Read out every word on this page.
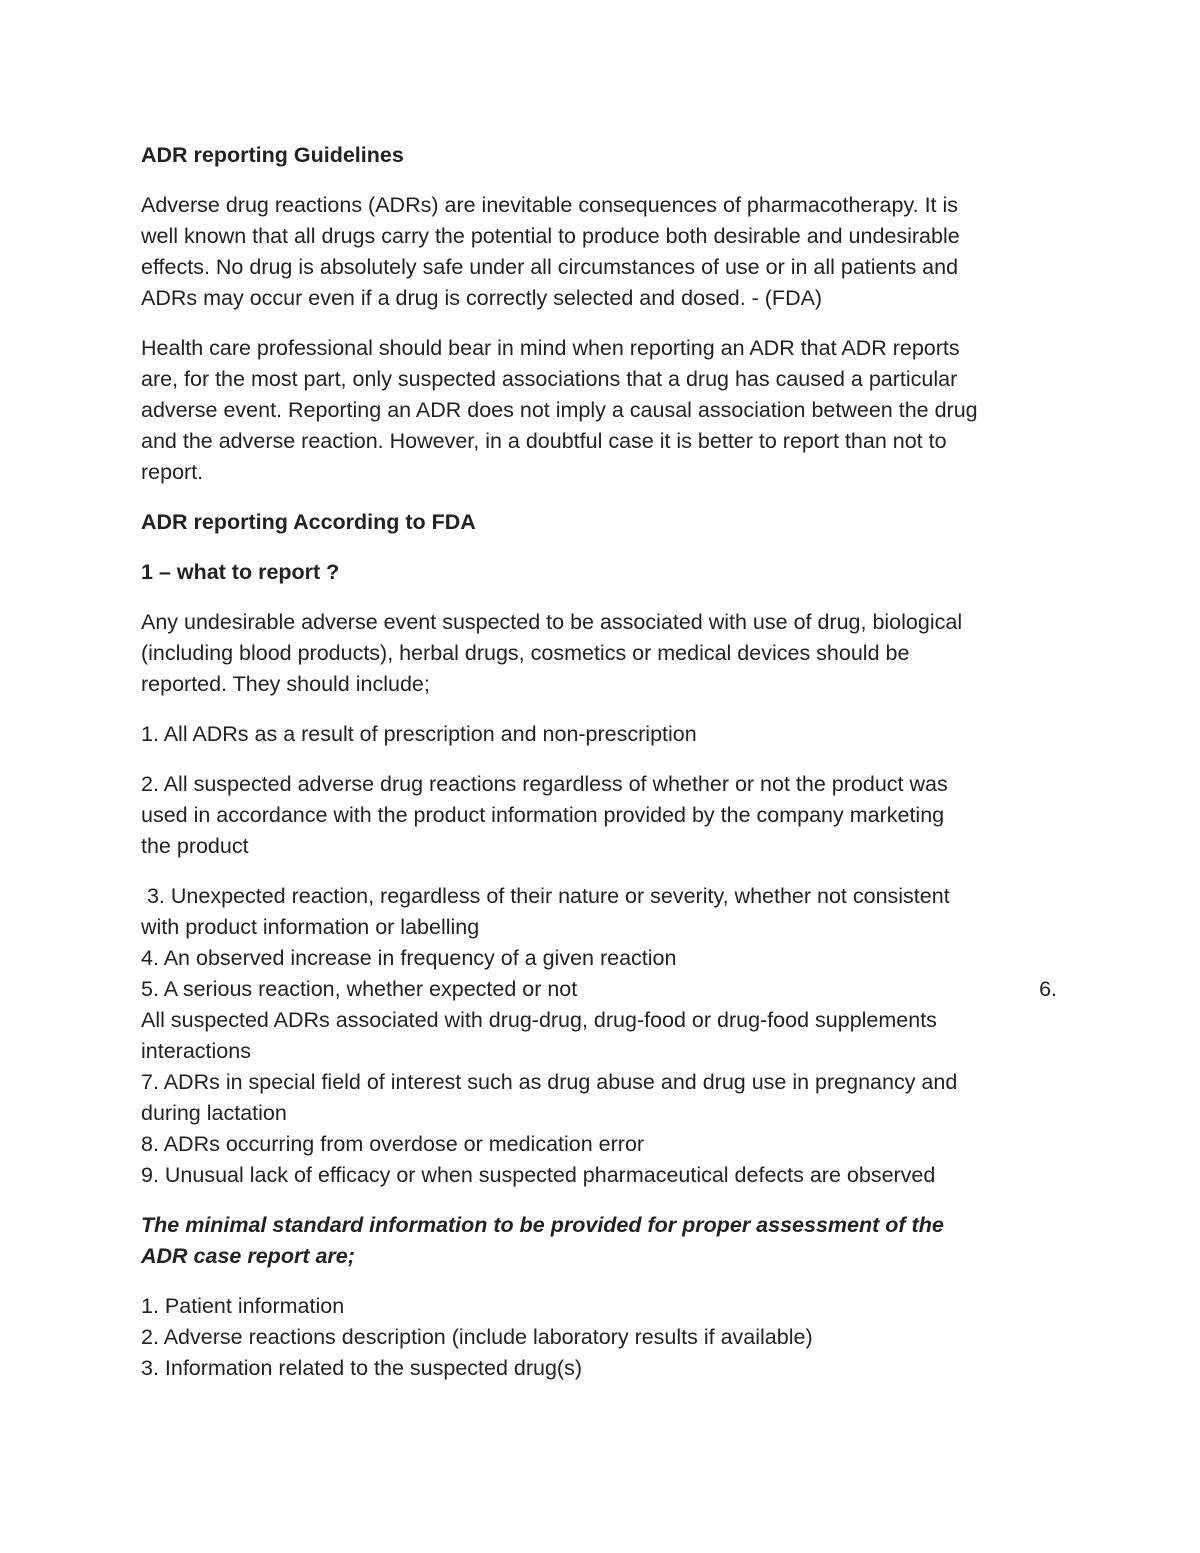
ADR reporting Guidelines
Adverse drug reactions (ADRs) are inevitable consequences of pharmacotherapy. It is
well known that all drugs carry the potential to produce both desirable and undesirable
effects. No drug is absolutely safe under all circumstances of use or in all patients and
ADRs may occur even if a drug is correctly selected and dosed. - (FDA)
Health care professional should bear in mind when reporting an ADR that ADR reports
are, for the most part, only suspected associations that a drug has caused a particular
adverse event. Reporting an ADR does not imply a causal association between the drug
and the adverse reaction. However, in a doubtful case it is better to report than not to
report.
ADR reporting According to FDA
1 – what to report ?
Any undesirable adverse event suspected to be associated with use of drug, biological
(including blood products), herbal drugs, cosmetics or medical devices should be
reported. They should include;
1. All ADRs as a result of prescription and non-prescription
2. All suspected adverse drug reactions regardless of whether or not the product was
used in accordance with the product information provided by the company marketing
the product
3. Unexpected reaction, regardless of their nature or severity, whether not consistent
with product information or labelling
4. An observed increase in frequency of a given reaction
5. A serious reaction, whether expected or not	6.
All suspected ADRs associated with drug-drug, drug-food or drug-food supplements
interactions
7. ADRs in special field of interest such as drug abuse and drug use in pregnancy and
during lactation
8. ADRs occurring from overdose or medication error
9. Unusual lack of efficacy or when suspected pharmaceutical defects are observed
The minimal standard information to be provided for proper assessment of the
ADR case report are;
1. Patient information
2. Adverse reactions description (include laboratory results if available)
3. Information related to the suspected drug(s)
